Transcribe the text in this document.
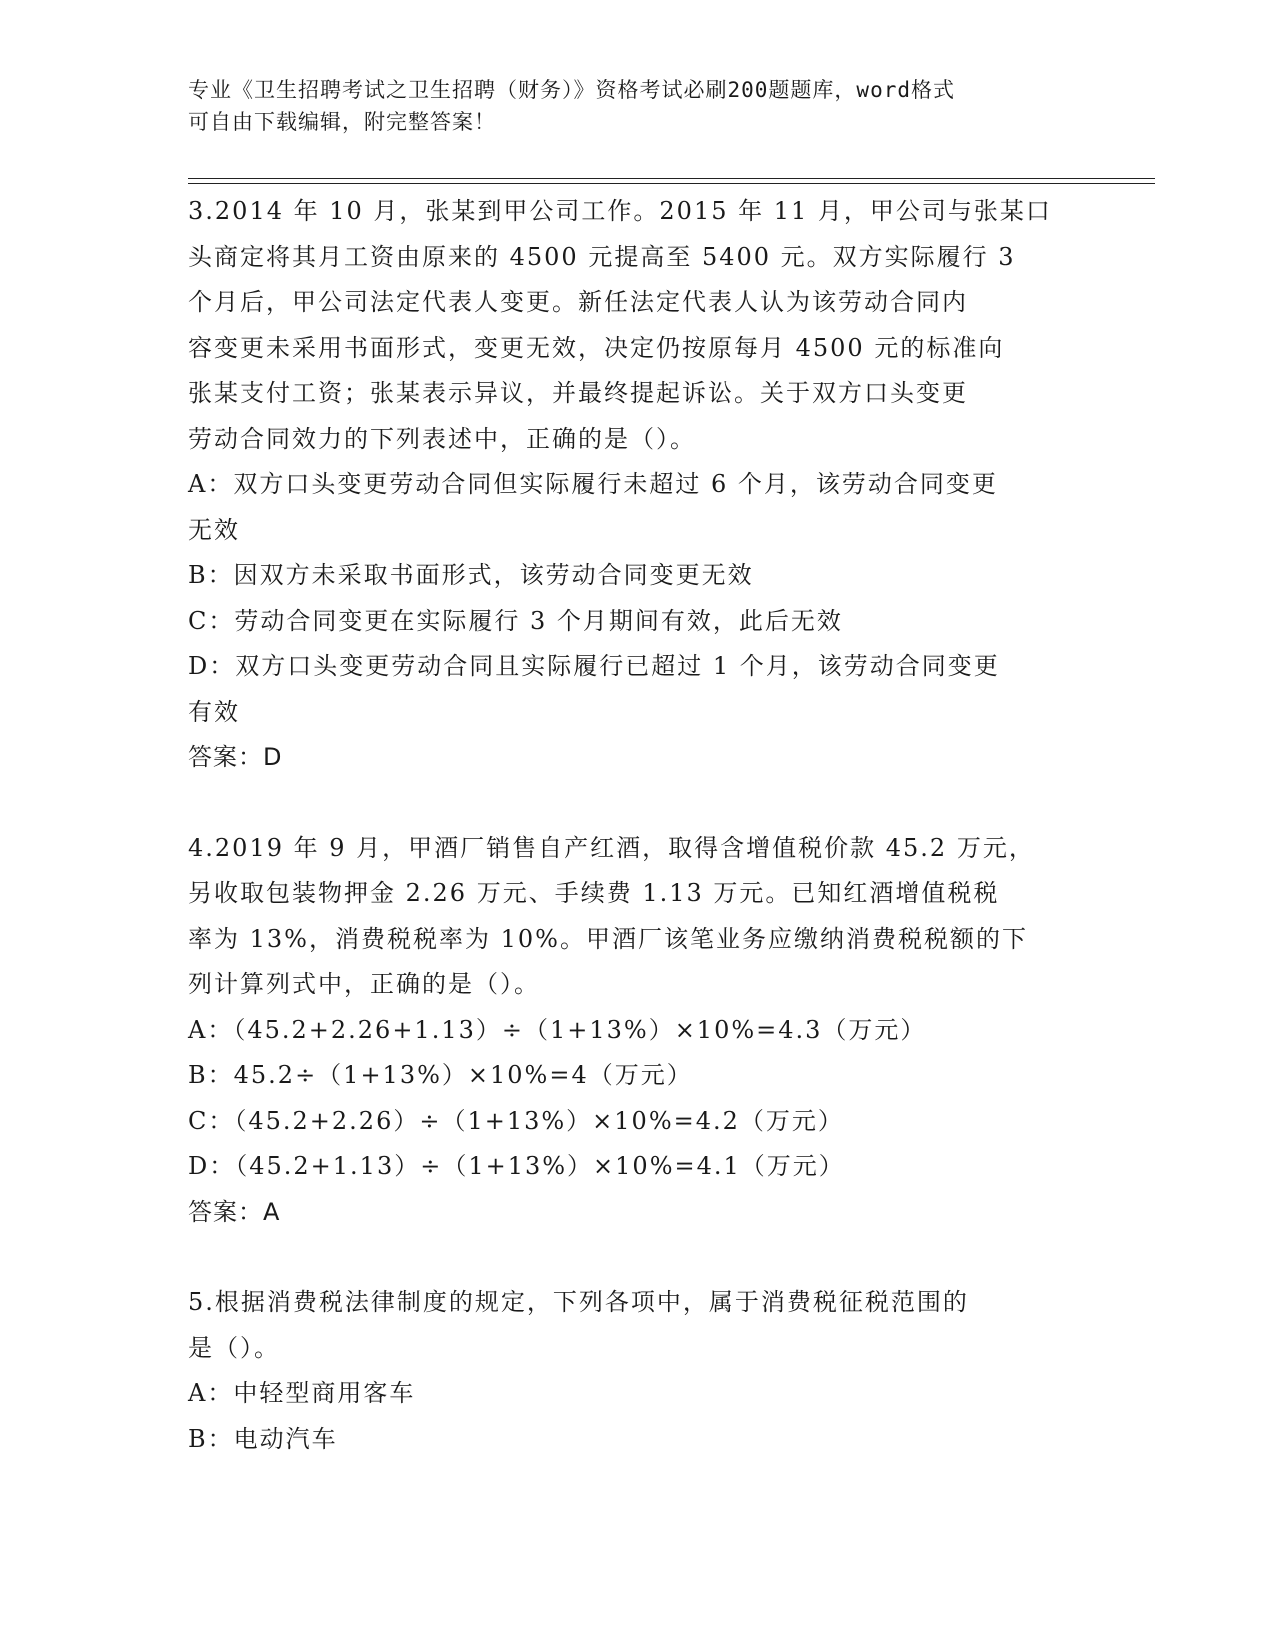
专业《卫生招聘考试之卫生招聘（财务）》资格考试必刷200题题库，word格式
可自由下载编辑，附完整答案！
3.2014 年 10 月，张某到甲公司工作。2015 年 11 月，甲公司与张某口
头商定将其月工资由原来的 4500 元提高至 5400 元。双方实际履行 3
个月后，甲公司法定代表人变更。新任法定代表人认为该劳动合同内
容变更未采用书面形式，变更无效，决定仍按原每月 4500 元的标准向
张某支付工资；张某表示异议，并最终提起诉讼。关于双方口头变更
劳动合同效力的下列表述中，正确的是（）。
A：双方口头变更劳动合同但实际履行未超过 6 个月，该劳动合同变更
无效
B：因双方未采取书面形式，该劳动合同变更无效
C：劳动合同变更在实际履行 3 个月期间有效，此后无效
D：双方口头变更劳动合同且实际履行已超过 1 个月，该劳动合同变更
有效
答案：D
4.2019 年 9 月，甲酒厂销售自产红酒，取得含增值税价款 45.2 万元，
另收取包装物押金 2.26 万元、手续费 1.13 万元。已知红酒增值税税
率为 13%，消费税税率为 10%。甲酒厂该笔业务应缴纳消费税税额的下
列计算列式中，正确的是（）。
A：（45.2+2.26+1.13）÷（1+13%）×10%=4.3（万元）
B：45.2÷（1+13%）×10%=4（万元）
C：（45.2+2.26）÷（1+13%）×10%=4.2（万元）
D：（45.2+1.13）÷（1+13%）×10%=4.1（万元）
答案：A
5.根据消费税法律制度的规定，下列各项中，属于消费税征税范围的
是（）。
A：中轻型商用客车
B：电动汽车
